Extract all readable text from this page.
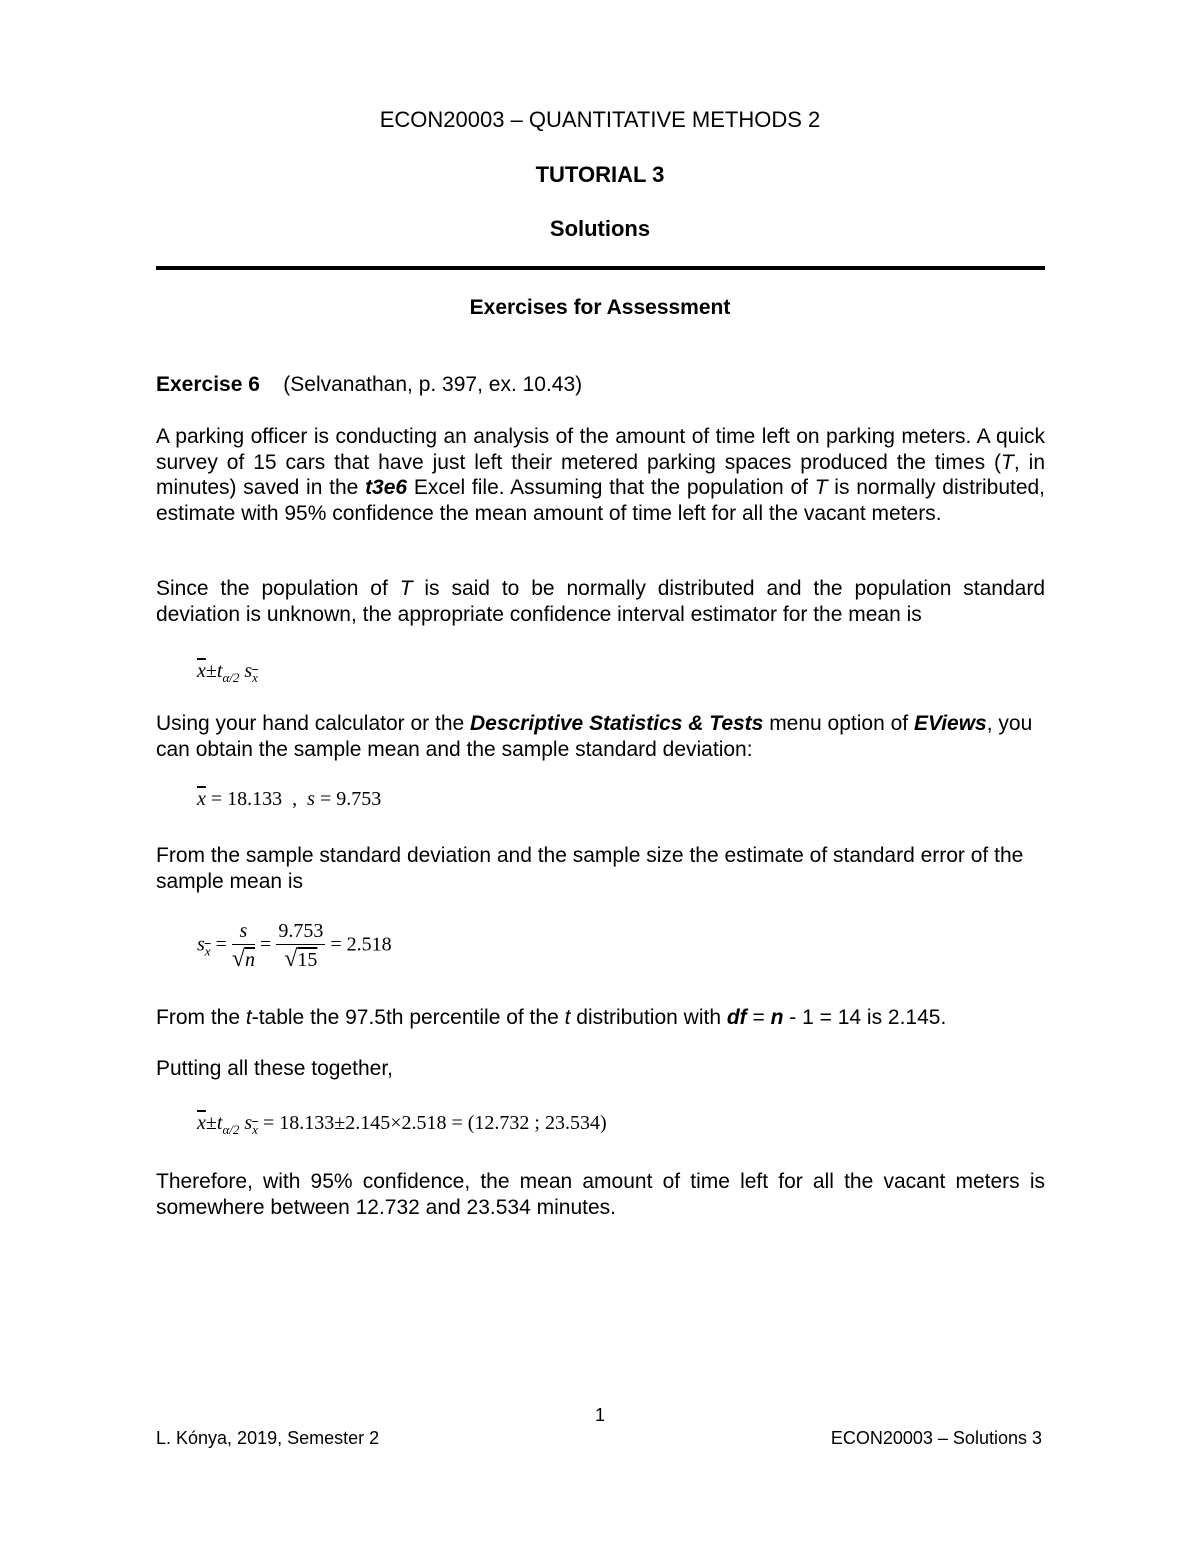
ECON20003 – QUANTITATIVE METHODS 2
TUTORIAL 3
Solutions
Exercises for Assessment
Exercise 6 (Selvanathan, p. 397, ex. 10.43)
A parking officer is conducting an analysis of the amount of time left on parking meters. A quick survey of 15 cars that have just left their metered parking spaces produced the times (T, in minutes) saved in the t3e6 Excel file. Assuming that the population of T is normally distributed, estimate with 95% confidence the mean amount of time left for all the vacant meters.
Since the population of T is said to be normally distributed and the population standard deviation is unknown, the appropriate confidence interval estimator for the mean is
$\overline{x}\pm t_{\alpha/2}$ $s_{\overline{x}}$
Using your hand calculator or the Descriptive Statistics & Tests menu option of EViews, you can obtain the sample mean and the sample standard deviation:
$\overline{x} = 18.133$ , s = 9.753
From the sample standard deviation and the sample size the estimate of standard error of the sample mean is
$s_{\overline{x}} = \frac{s}{√n} = \frac{9.753}{√15} = 2.518$
From the t-table the 97.5th percentile of the t distribution with df = n - 1 = 14 is 2.145.
Putting all these together,
$\overline{x}\pm t_{\alpha/2}$ $s_{\overline{x}} = 18.133\pm 2.145\times 2.518 = (12.732$ ; 23.534)
Therefore, with 95% confidence, the mean amount of time left for all the vacant meters is somewhere between 12.732 and 23.534 minutes.
1
L. Kónya, 2019, Semester 2	ECON20003 – Solutions 3
